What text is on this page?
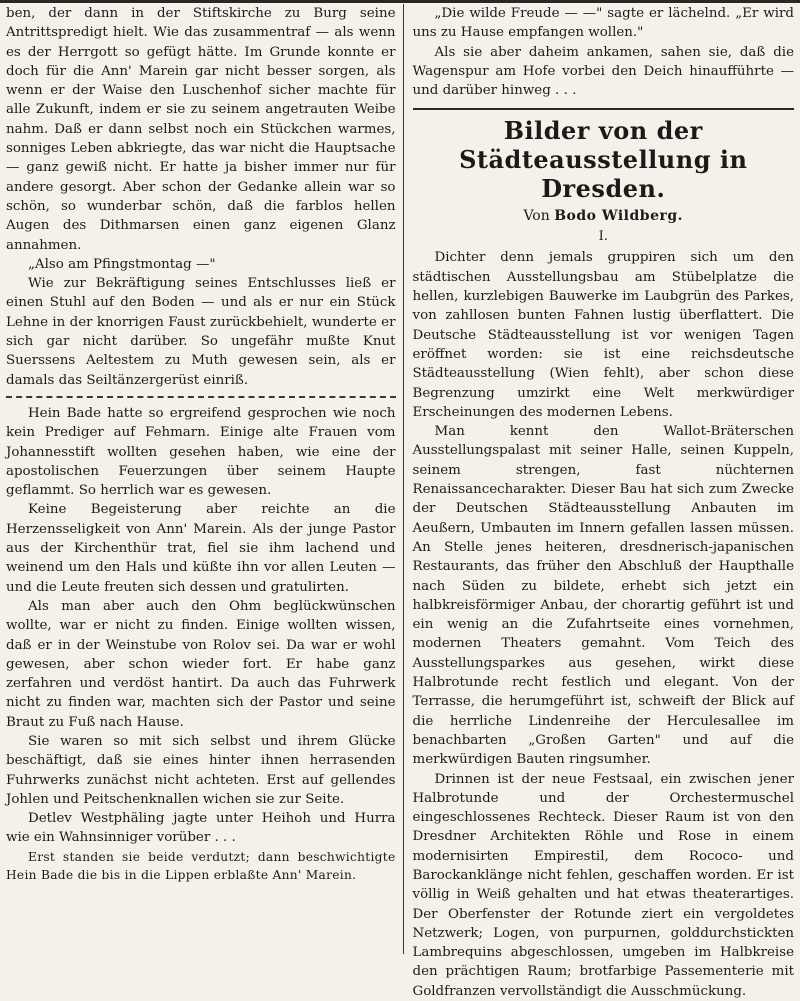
ben, der dann in der Stiftskirche zu Burg seine Antrittspredigt hielt. Wie das zusammentraf — als wenn es der Herrgott so gefügt hätte. Im Grunde konnte er doch für die Ann' Marein gar nicht besser sorgen, als wenn er der Waise den Luschenhof sicher machte für alle Zukunft, indem er sie zu seinem angetrauten Weibe nahm. Daß er dann selbst noch ein Stückchen warmes, sonniges Leben abkriegte, das war nicht die Hauptsache — ganz gewiß nicht. Er hatte ja bisher immer nur für andere gesorgt. Aber schon der Gedanke allein war so schön, so wunderbar schön, daß die farblos hellen Augen des Dithmarsen einen ganz eigenen Glanz annahmen.

„Also am Pfingstmontag —"

Wie zur Bekräftigung seines Entschlusses ließ er einen Stuhl auf den Boden — und als er nur ein Stück Lehne in der knorrigen Faust zurückbehielt, wunderte er sich gar nicht darüber. So ungefähr mußte Knut Suerssens Aeltestem zu Muth gewesen sein, als er damals das Seiltänzergerüst einriß.

Hein Bade hatte so ergreifend gesprochen wie noch kein Prediger auf Fehmarn. Einige alte Frauen vom Johannesstift wollten gesehen haben, wie eine der apostolischen Feuerzungen über seinem Haupte geflammt. So herrlich war es gewesen.

Keine Begeisterung aber reichte an die Herzensseligkeit von Ann' Marein. Als der junge Pastor aus der Kirchenthür trat, fiel sie ihm lachend und weinend um den Hals und küßte ihn vor allen Leuten — und die Leute freuten sich dessen und gratulirten.

Als man aber auch den Ohm beglückwünschen wollte, war er nicht zu finden. Einige wollten wissen, daß er in der Weinstube von Rolov sei. Da war er wohl gewesen, aber schon wieder fort. Er habe ganz zerfahren und verdöst hantirt. Da auch das Fuhrwerk nicht zu finden war, machten sich der Pastor und seine Braut zu Fuß nach Hause.

Sie waren so mit sich selbst und ihrem Glücke beschäftigt, daß sie eines hinter ihnen herrasenden Fuhrwerks zunächst nicht achteten. Erst auf gellendes Johlen und Peitschenknallen wichen sie zur Seite.

Detlev Westphäling jagte unter Heihoh und Hurra wie ein Wahnsinniger vorüber . . .

Erst standen sie beide verdutzt; dann beschwichtigte Hein Bade die bis in die Lippen erblaßte Ann' Marein.

„Die wilde Freude — —" sagte er lächelnd. „Er wird uns zu Hause empfangen wollen."

Als sie aber daheim ankamen, sahen sie, daß die Wagenspur am Hofe vorbei den Deich hinaufführte — und darüber hinweg . . .

Bilder von der Städteausstellung in Dresden.
Von Bodo Wildberg.
I.

Dichter denn jemals gruppiren sich um den städtischen Ausstellungsbau am Stübelplatze die hellen, kurzlebigen Bauwerke im Laubgrün des Parkes, von zahllosen bunten Fahnen lustig überflattert. Die Deutsche Städteausstellung ist vor wenigen Tagen eröffnet worden: sie ist eine reichsdeutsche Städteausstellung (Wien fehlt), aber schon diese Begrenzung umzirkt eine Welt merkwürdiger Erscheinungen des modernen Lebens.

Man kennt den Wallot-Bräterschen Ausstellungspalast mit seiner Halle, seinen Kuppeln, seinem strengen, fast nüchternen Renaissancecharakter. Dieser Bau hat sich zum Zwecke der Deutschen Städteausstellung Anbauten im Aeußern, Umbauten im Innern gefallen lassen müssen. An Stelle jenes heiteren, dresdnerisch-japanischen Restaurants, das früher den Abschluß der Haupthalle nach Süden zu bildete, erhebt sich jetzt ein halbkreisförmiger Anbau, der chorartig geführt ist und ein wenig an die Zufahrtseite eines vornehmen, modernen Theaters gemahnt. Vom Teich des Ausstellungsparkes aus gesehen, wirkt diese Halbrotunde recht festlich und elegant. Von der Terrasse, die herumgeführt ist, schweift der Blick auf die herrliche Lindenreihe der Herculesallee im benachbarten „Großen Garten" und auf die merkwürdigen Bauten ringsumher.

Drinnen ist der neue Festsaal, ein zwischen jener Halbrotunde und der Orchestermuschel eingeschlossenes Rechteck. Dieser Raum ist von den Dresdner Architekten Röhle und Rose in einem modernisirten Empirestil, dem Rococo- und Barockanklänge nicht fehlen, geschaffen worden. Er ist völlig in Weiß gehalten und hat etwas theaterartiges. Der Oberfenster der Rotunde ziert ein vergoldetes Netzwerk; Logen, von purpurnen, golddurchstickten Lambrequins abgeschlossen, umgeben im Halbkreise den prächtigen Raum; brotfarbige Passementerie mit Goldfranzen vervollständigt die Ausschmückung.
